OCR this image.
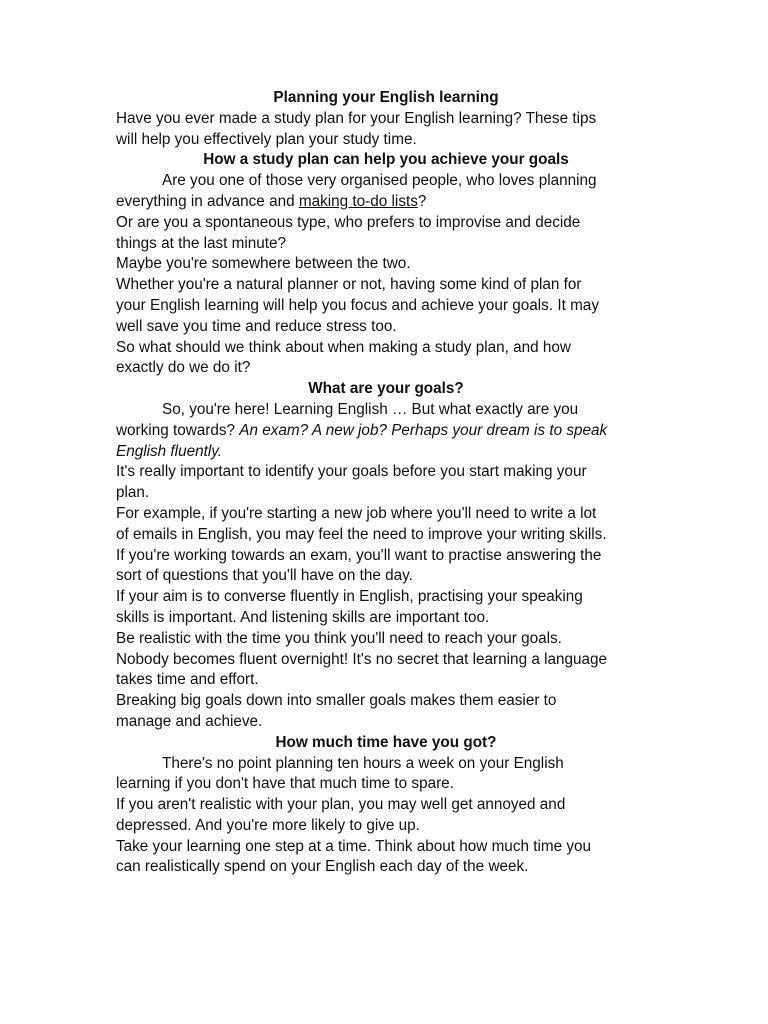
Planning your English learning

Have you ever made a study plan for your English learning? These tips

will help you effectively plan your study time.

How a study plan can help you achieve your goals

Are you one of those very organised people, who loves planning

everything in advance and making to-do lists?

Or are you a spontaneous type, who prefers to improvise and decide

things at the last minute?

Maybe you're somewhere between the two.

Whether you're a natural planner or not, having some kind of plan for

your English learning will help you focus and achieve your goals. It may

well save you time and reduce stress too.

So what should we think about when making a study plan, and how

exactly do we do it?

What are your goals?

So, you're here! Learning English … But what exactly are you

working towards? An exam? A new job? Perhaps your dream is to speak

English fluently.

It's really important to identify your goals before you start making your

plan.

For example, if you're starting a new job where you'll need to write a lot

of emails in English, you may feel the need to improve your writing skills.

If you're working towards an exam, you'll want to practise answering the

sort of questions that you'll have on the day.

If your aim is to converse fluently in English, practising your speaking

skills is important. And listening skills are important too.

Be realistic with the time you think you'll need to reach your goals.

Nobody becomes fluent overnight! It's no secret that learning a language

takes time and effort.

Breaking big goals down into smaller goals makes them easier to

manage and achieve.

How much time have you got?

There's no point planning ten hours a week on your English

learning if you don't have that much time to spare.

If you aren't realistic with your plan, you may well get annoyed and

depressed. And you're more likely to give up.

Take your learning one step at a time. Think about how much time you

can realistically spend on your English each day of the week.
